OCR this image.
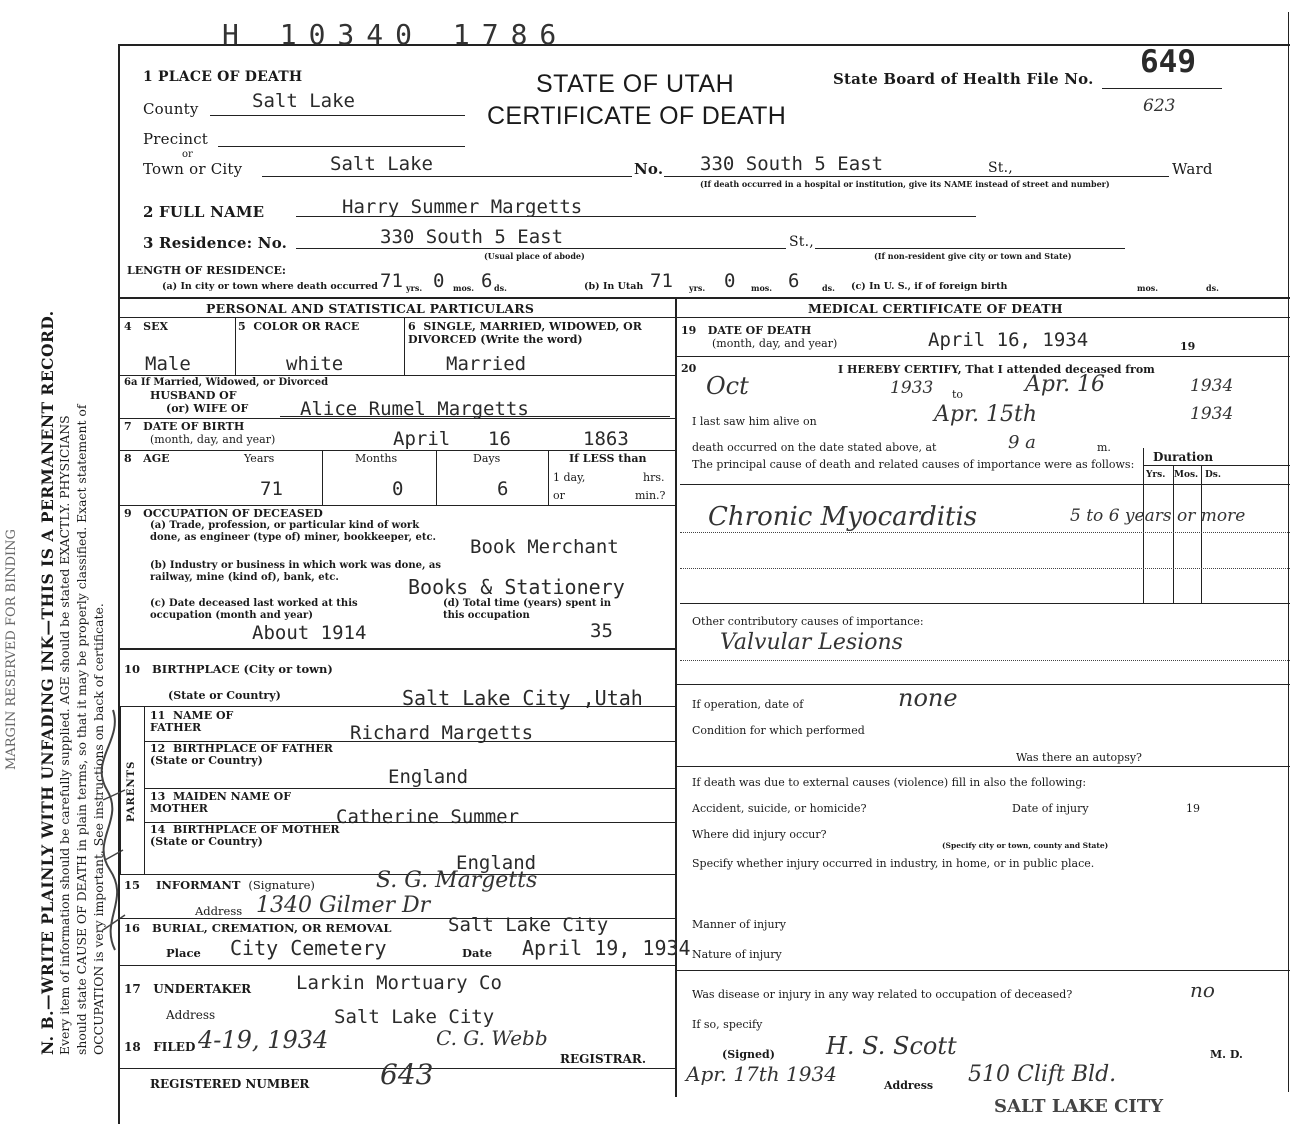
H 10340 1786
N. B.—WRITE PLAINLY WITH UNFADING INK—THIS IS A PERMANENT RECORD. Every item of information should be carefully supplied. AGE should be stated EXACTLY. PHYSICIANS should state CAUSE OF DEATH in plain terms, so that it may be properly classified. Exact statement of OCCUPATION is very important. See instructions on back of certificate.
MARGIN RESERVED FOR BINDING
1 PLACE OF DEATH
County	Salt Lake
Precinct
or
Town or City	Salt Lake	No. 330 South 5 East	St.,	Ward
(If death occurred in a hospital or institution, give its NAME instead of street and number)
STATE OF UTAH
CERTIFICATE OF DEATH
State Board of Health File No. 649
623
2 FULL NAME	Harry Summer Margetts
3 Residence: No.	330 South 5 East	St.,
(Usual place of abode)	(If non-resident give city or town and State)
LENGTH OF RESIDENCE:
(a) In city or town where death occurred 71 yrs. 0 mos. 6 ds.	(b) In Utah 71 yrs. 0 mos. 6	ds. (c) In U. S., if of foreign birth	mos.	ds.
PERSONAL AND STATISTICAL PARTICULARS	MEDICAL CERTIFICATE OF DEATH
4   SEX	5  COLOR OR RACE	6  SINGLE, MARRIED, WIDOWED, OR DIVORCED (Write the word)
Male	white	Married
6a If Married, Widowed, or Divorced
HUSBAND OF
(or) WIFE OF	Alice Rumel Margetts
7   DATE OF BIRTH
(month, day, and year)	April 16	1863
8   AGE	Years	Months	Days	If LESS than
1 day,	hrs.
or	min.?
71	0	6
9   OCCUPATION OF DECEASED
(a) Trade, profession, or particular kind of work done, as engineer (type of) miner, bookkeeper, etc.	Book Merchant
(b) Industry or business in which work was done, as railway, mine (kind of), bank, etc.	Books & Stationery
(c) Date deceased last worked at this occupation (month and year)
About 1914
(d) Total time (years) spent in this occupation
35
10   BIRTHPLACE (City or town)
(State or Country)	Salt Lake City ,Utah
PARENTS
11  NAME OF FATHER	Richard Margetts
12  BIRTHPLACE OF FATHER (State or Country)
England
13  MAIDEN NAME OF MOTHER	Catherine Summer
14  BIRTHPLACE OF MOTHER (State or Country)
England
15    INFORMANT (Signature)	S. G. Margetts
Address 1340 Gilmer Dr
16   BURIAL, CREMATION, OR REMOVAL	Salt Lake City
Place City Cemetery	Date April 19, 1934
17   UNDERTAKER Larkin Mortuary Co
Address	Salt Lake City
18   FILED 4-19, 1934	C. G. Webb
REGISTRAR.
REGISTERED NUMBER	643
19   DATE OF DEATH
(month, day, and year)	April 16, 1934	19
20	I HEREBY CERTIFY, That I attended deceased from
Oct	1933 to	Apr. 16	1934
I last saw him alive on	Apr. 15th	1934
death occurred on the date stated above, at	9 a	m.
The principal cause of death and related causes of importance were as follows:
Duration
Yrs. Mos. Ds.
Chronic Myocarditis	5 to 6 years or more
Other contributory causes of importance:
Valvular Lesions
If operation, date of	none
Condition for which performed
Was there an autopsy?
If death was due to external causes (violence) fill in also the following:
Accident, suicide, or homicide?	Date of injury	19
Where did injury occur?
(Specify city or town, county and State)
Specify whether injury occurred in industry, in home, or in public place.
Manner of injury
Nature of injury
Was disease or injury in any way related to occupation of deceased?	no
If so, specify
(Signed) H. S. Scott	M. D.
Apr. 17th 1934	Address 510 Clift Bld.
SALT LAKE CITY
